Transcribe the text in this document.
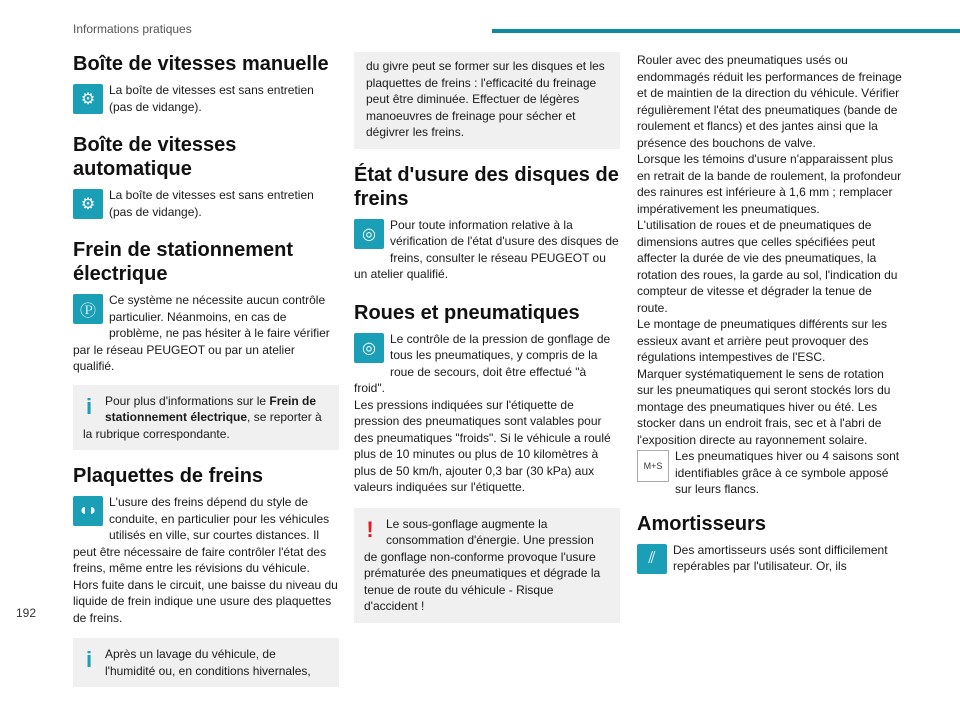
Informations pratiques
Boîte de vitesses manuelle
⚙

La boîte de vitesses est sans entretien (pas de vidange).

Boîte de vitesses automatique
⚙

La boîte de vitesses est sans entretien (pas de vidange).

Frein de stationnement électrique
Ⓟ

Ce système ne nécessite aucun contrôle particulier. Néanmoins, en cas de problème, ne pas hésiter à le faire vérifier par le réseau PEUGEOT ou par un atelier qualifié.

i Pour plus d'informations sur le Frein de stationnement électrique, se reporter à la rubrique correspondante.
Plaquettes de freins
◖◗ L'usure des freins dépend du style de conduite, en particulier pour les véhicules utilisés en ville, sur courtes distances. Il peut être nécessaire de faire contrôler l'état des freins, même entre les révisions du véhicule.

Hors fuite dans le circuit, une baisse du niveau du liquide de frein indique une usure des plaquettes de freins.

i Après un lavage du véhicule, de l'humidité ou, en conditions hivernales,
du givre peut se former sur les disques et les plaquettes de freins : l'efficacité du freinage peut être diminuée. Effectuer de légères manoeuvres de freinage pour sécher et dégivrer les freins.
État d'usure des disques de freins
◎

Pour toute information relative à la vérification de l'état d'usure des disques de freins, consulter le réseau PEUGEOT ou un atelier qualifié.

Roues et pneumatiques
◎

Le contrôle de la pression de gonflage de tous les pneumatiques, y compris de la roue de secours, doit être effectué "à froid".

Les pressions indiquées sur l'étiquette de pression des pneumatiques sont valables pour des pneumatiques "froids". Si le véhicule a roulé plus de 10 minutes ou plus de 10 kilomètres à plus de 50 km/h, ajouter 0,3 bar (30 kPa) aux valeurs indiquées sur l'étiquette.

! Le sous-gonflage augmente la consommation d'énergie. Une pression de gonflage non-conforme provoque l'usure prématurée des pneumatiques et dégrade la tenue de route du véhicule - Risque d'accident !

Rouler avec des pneumatiques usés ou endommagés réduit les performances de freinage et de maintien de la direction du véhicule. Vérifier régulièrement l'état des pneumatiques (bande de roulement et flancs) et des jantes ainsi que la présence des bouchons de valve.

Lorsque les témoins d'usure n'apparaissent plus en retrait de la bande de roulement, la profondeur des rainures est inférieure à 1,6 mm ; remplacer impérativement les pneumatiques.

L'utilisation de roues et de pneumatiques de dimensions autres que celles spécifiées peut affecter la durée de vie des pneumatiques, la rotation des roues, la garde au sol, l'indication du compteur de vitesse et dégrader la tenue de route.

Le montage de pneumatiques différents sur les essieux avant et arrière peut provoquer des régulations intempestives de l'ESC.

Marquer systématiquement le sens de rotation sur les pneumatiques qui seront stockés lors du montage des pneumatiques hiver ou été. Les stocker dans un endroit frais, sec et à l'abri de l'exposition directe au rayonnement solaire.

M+S

Les pneumatiques hiver ou 4 saisons sont identifiables grâce à ce symbole apposé sur leurs flancs.

Amortisseurs
⫽	Des amortisseurs usés sont difficilement repérables par l'utilisateur. Or, ils

192
